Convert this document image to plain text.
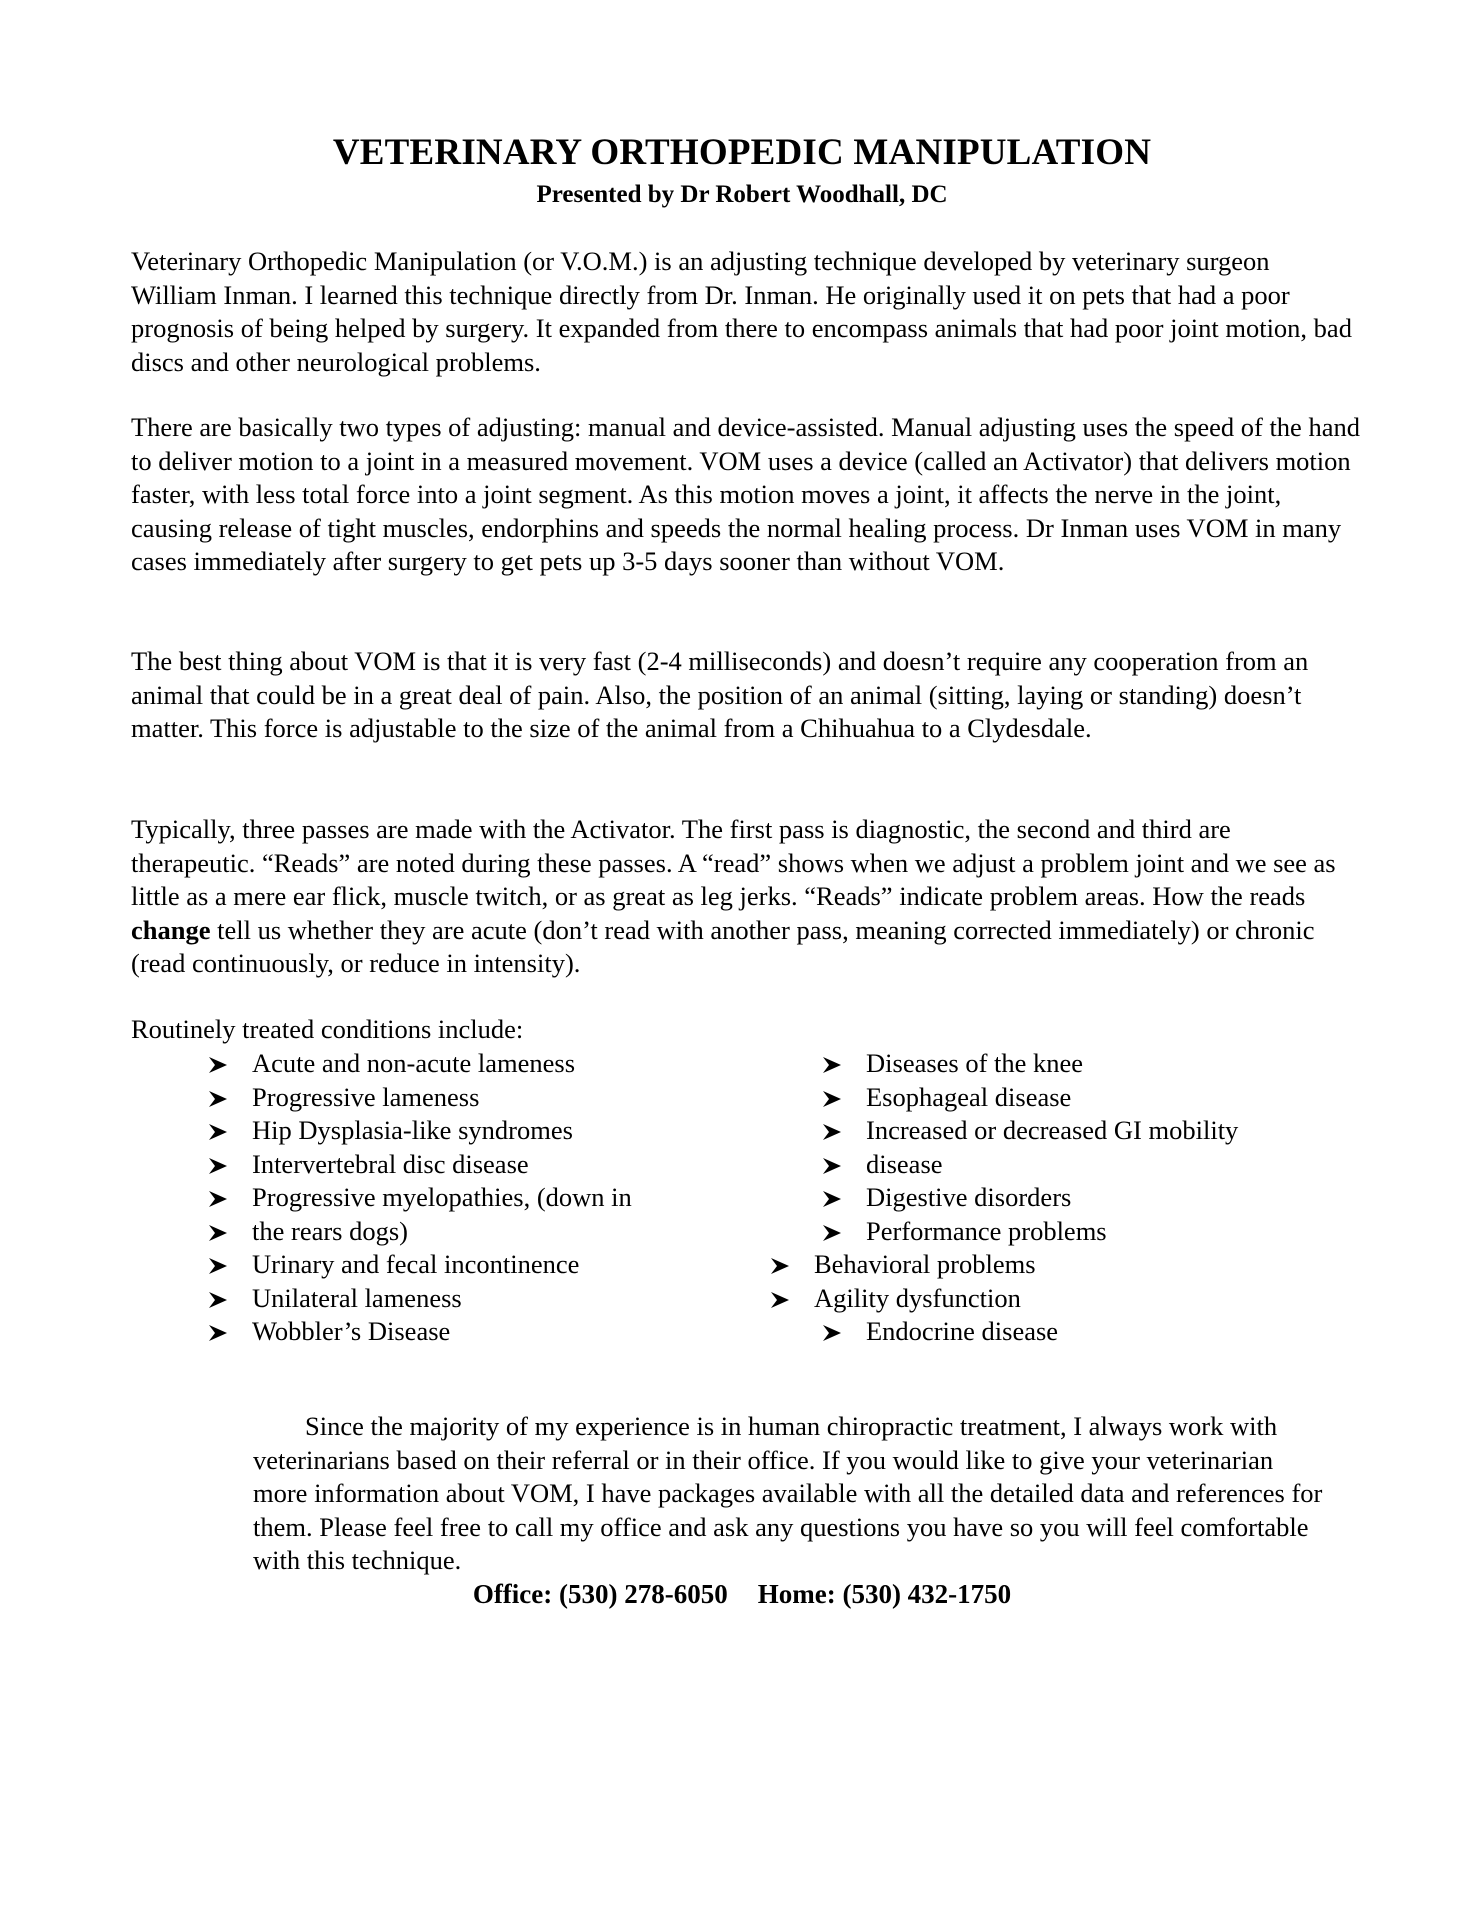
VETERINARY ORTHOPEDIC MANIPULATION
Presented by Dr Robert Woodhall, DC

Veterinary Orthopedic Manipulation (or V.O.M.) is an adjusting technique developed by veterinary surgeon William Inman. I learned this technique directly from Dr. Inman. He originally used it on pets that had a poor prognosis of being helped by surgery. It expanded from there to encompass animals that had poor joint motion, bad discs and other neurological problems.

There are basically two types of adjusting: manual and device-assisted. Manual adjusting uses the speed of the hand to deliver motion to a joint in a measured movement. VOM uses a device (called an Activator) that delivers motion faster, with less total force into a joint segment. As this motion moves a joint, it affects the nerve in the joint, causing release of tight muscles, endorphins and speeds the normal healing process. Dr Inman uses VOM in many cases immediately after surgery to get pets up 3-5 days sooner than without VOM.

The best thing about VOM is that it is very fast (2-4 milliseconds) and doesn’t require any cooperation from an animal that could be in a great deal of pain. Also, the position of an animal (sitting, laying or standing) doesn’t matter. This force is adjustable to the size of the animal from a Chihuahua to a Clydesdale.

Typically, three passes are made with the Activator. The first pass is diagnostic, the second and third are therapeutic. “Reads” are noted during these passes. A “read” shows when we adjust a problem joint and we see as little as a mere ear flick, muscle twitch, or as great as leg jerks. “Reads” indicate problem areas. How the reads change tell us whether they are acute (don’t read with another pass, meaning corrected immediately) or chronic (read continuously, or reduce in intensity).

Routinely treated conditions include:
Acute and non-acute lameness
Progressive lameness
Hip Dysplasia-like syndromes
Intervertebral disc disease
Progressive myelopathies, (down in
the rears dogs)
Urinary and fecal incontinence
Unilateral lameness
Wobbler’s Disease
Diseases of the knee
Esophageal disease
Increased or decreased GI mobility
disease
Digestive disorders
Performance problems
Behavioral problems
Agility dysfunction
Endocrine disease

Since the majority of my experience is in human chiropractic treatment, I always work with veterinarians based on their referral or in their office. If you would like to give your veterinarian more information about VOM, I have packages available with all the detailed data and references for them. Please feel free to call my office and ask any questions you have so you will feel comfortable with this technique.

Office: (530) 278-6050 Home: (530) 432-1750
